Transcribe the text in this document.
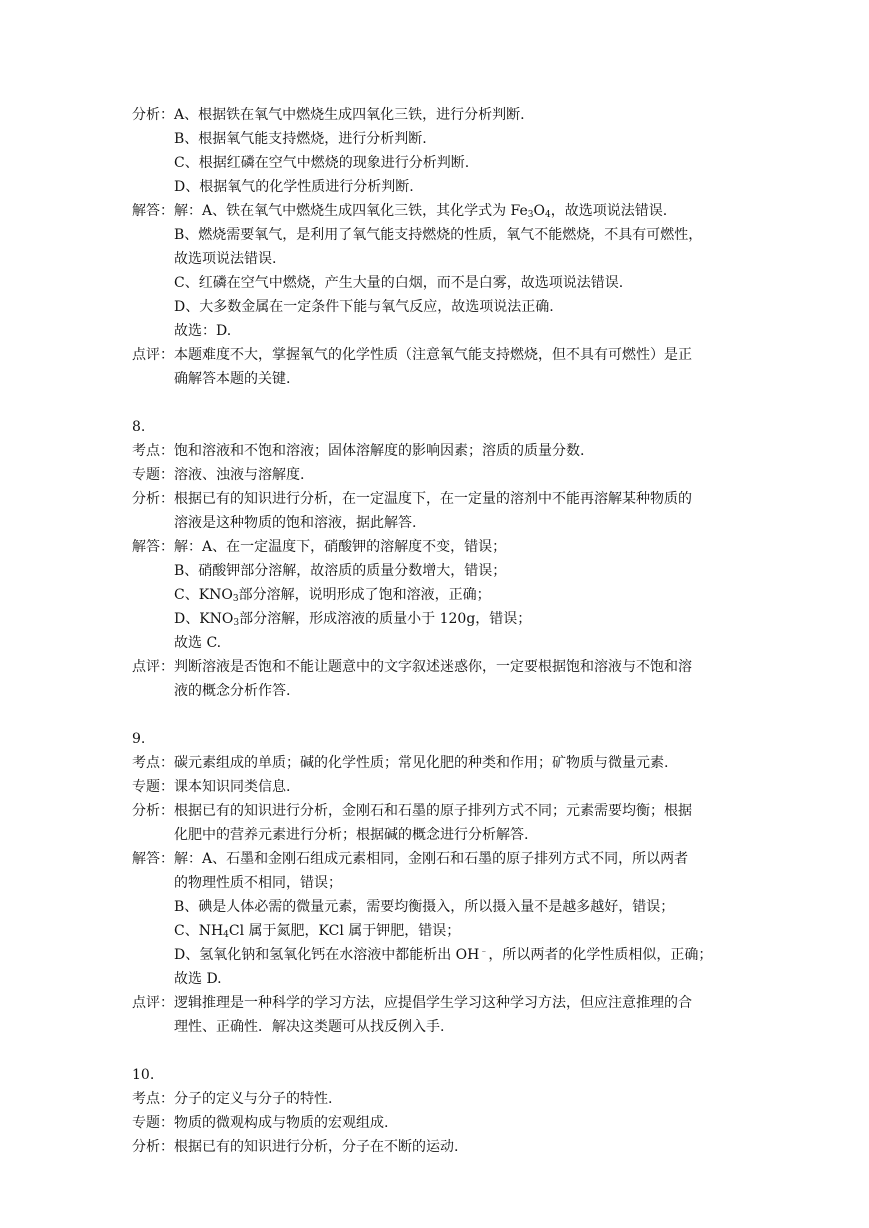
分析：A、根据铁在氧气中燃烧生成四氧化三铁，进行分析判断.
B、根据氧气能支持燃烧，进行分析判断.
C、根据红磷在空气中燃烧的现象进行分析判断.
D、根据氧气的化学性质进行分析判断.
解答：解：A、铁在氧气中燃烧生成四氧化三铁，其化学式为 $Fe_3O_4$，故选项说法错误.
B、燃烧需要氧气，是利用了氧气能支持燃烧的性质，氧气不能燃烧，不具有可燃性，
故选项说法错误.
C、红磷在空气中燃烧，产生大量的白烟，而不是白雾，故选项说法错误.
D、大多数金属在一定条件下能与氧气反应，故选项说法正确.
故选：D.
点评：本题难度不大，掌握氧气的化学性质（注意氧气能支持燃烧，但不具有可燃性）是正
确解答本题的关键.
8.
考点：饱和溶液和不饱和溶液；固体溶解度的影响因素；溶质的质量分数.
专题：溶液、浊液与溶解度.
分析：根据已有的知识进行分析，在一定温度下，在一定量的溶剂中不能再溶解某种物质的
溶液是这种物质的饱和溶液，据此解答.
解答：解：A、在一定温度下，硝酸钾的溶解度不变，错误；
B、硝酸钾部分溶解，故溶质的质量分数增大，错误；
C、$KNO_3$部分溶解，说明形成了饱和溶液，正确；
D、$KNO_3$部分溶解，形成溶液的质量小于 120g，错误；
故选 C.
点评：判断溶液是否饱和不能让题意中的文字叙述迷惑你，一定要根据饱和溶液与不饱和溶
液的概念分析作答.
9.
考点：碳元素组成的单质；碱的化学性质；常见化肥的种类和作用；矿物质与微量元素.
专题：课本知识同类信息.
分析：根据已有的知识进行分析，金刚石和石墨的原子排列方式不同；元素需要均衡；根据
化肥中的营养元素进行分析；根据碱的概念进行分析解答.
解答：解：A、石墨和金刚石组成元素相同，金刚石和石墨的原子排列方式不同，所以两者
的物理性质不相同，错误；
B、碘是人体必需的微量元素，需要均衡摄入，所以摄入量不是越多越好，错误；
C、$NH_4Cl$ 属于氮肥，KCl 属于钾肥，错误；
D、氢氧化钠和氢氧化钙在水溶液中都能析出 OH﹣，所以两者的化学性质相似，正确；
故选 D.
点评：逻辑推理是一种科学的学习方法，应提倡学生学习这种学习方法，但应注意推理的合
理性、正确性．解决这类题可从找反例入手.
10.
考点：分子的定义与分子的特性.
专题：物质的微观构成与物质的宏观组成.
分析：根据已有的知识进行分析，分子在不断的运动.
